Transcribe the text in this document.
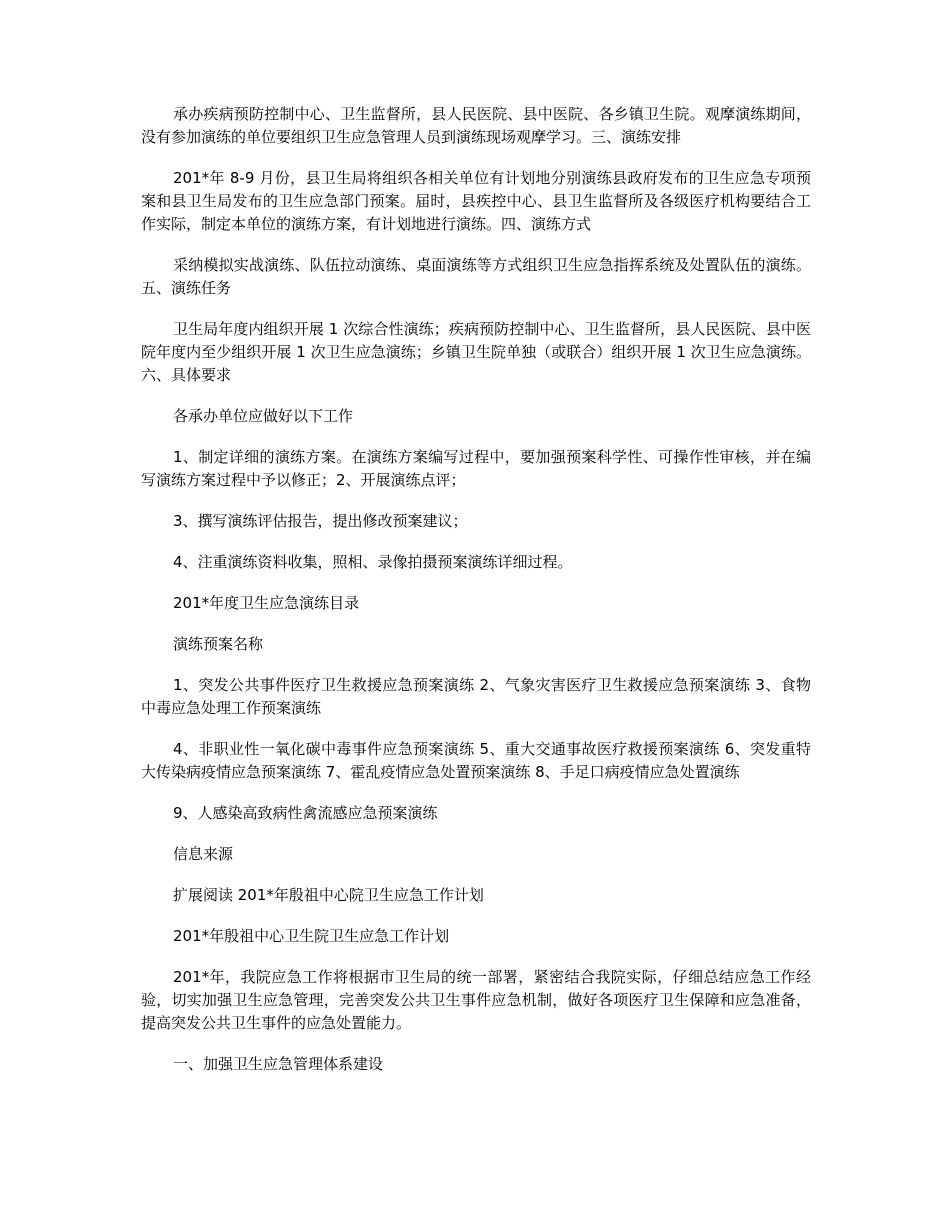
承办疾病预防控制中心、卫生监督所，县人民医院、县中医院、各乡镇卫生院。观摩演练期间，没有参加演练的单位要组织卫生应急管理人员到演练现场观摩学习。三、演练安排

201*年 8-9 月份，县卫生局将组织各相关单位有计划地分别演练县政府发布的卫生应急专项预案和县卫生局发布的卫生应急部门预案。届时，县疾控中心、县卫生监督所及各级医疗机构要结合工作实际，制定本单位的演练方案，有计划地进行演练。四、演练方式

采纳模拟实战演练、队伍拉动演练、桌面演练等方式组织卫生应急指挥系统及处置队伍的演练。五、演练任务

卫生局年度内组织开展 1 次综合性演练；疾病预防控制中心、卫生监督所，县人民医院、县中医院年度内至少组织开展 1 次卫生应急演练；乡镇卫生院单独（或联合）组织开展 1 次卫生应急演练。六、具体要求

各承办单位应做好以下工作

1、制定详细的演练方案。在演练方案编写过程中，要加强预案科学性、可操作性审核，并在编写演练方案过程中予以修正；2、开展演练点评；

3、撰写演练评估报告，提出修改预案建议；

4、注重演练资料收集，照相、录像拍摄预案演练详细过程。

201*年度卫生应急演练目录

演练预案名称

1、突发公共事件医疗卫生救援应急预案演练 2、气象灾害医疗卫生救援应急预案演练 3、食物中毒应急处理工作预案演练

4、非职业性一氧化碳中毒事件应急预案演练 5、重大交通事故医疗救援预案演练 6、突发重特大传染病疫情应急预案演练 7、霍乱疫情应急处置预案演练 8、手足口病疫情应急处置演练

9、人感染高致病性禽流感应急预案演练

信息来源

扩展阅读 201*年殷祖中心院卫生应急工作计划

201*年殷祖中心卫生院卫生应急工作计划

201*年，我院应急工作将根据市卫生局的统一部署，紧密结合我院实际，仔细总结应急工作经验，切实加强卫生应急管理，完善突发公共卫生事件应急机制，做好各项医疗卫生保障和应急准备，提高突发公共卫生事件的应急处置能力。

一、加强卫生应急管理体系建设
